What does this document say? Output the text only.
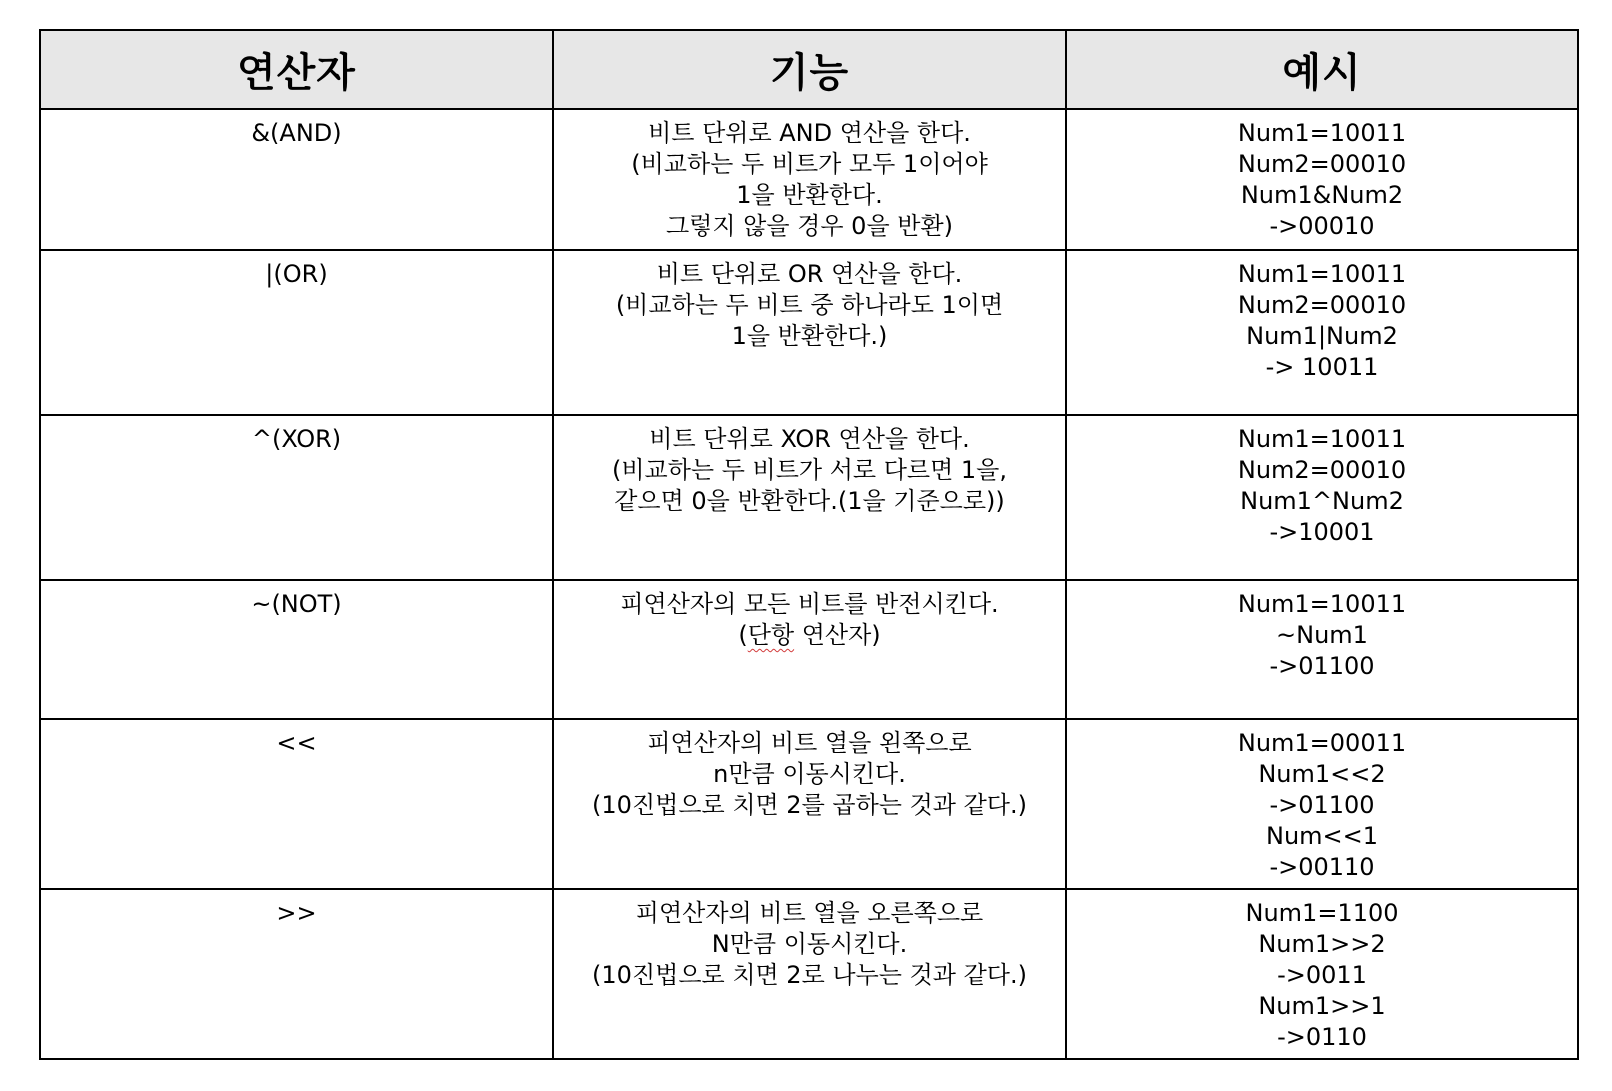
연산자	기능	예시

&(AND)	비트 단위로 AND 연산을 한다.
(비교하는 두 비트가 모두 1이어야
1을 반환한다.
그렇지 않을 경우 0을 반환)	Num1=10011
Num2=00010
Num1&Num2
->00010

|(OR)	비트 단위로 OR 연산을 한다.
(비교하는 두 비트 중 하나라도 1이면
1을 반환한다.)	Num1=10011
Num2=00010
Num1|Num2
-> 10011

^(XOR)	비트 단위로 XOR 연산을 한다.
(비교하는 두 비트가 서로 다르면 1을,
같으면 0을 반환한다.(1을 기준으로))	Num1=10011
Num2=00010
Num1^Num2
->10001

~(NOT)	피연산자의 모든 비트를 반전시킨다.
(단항 연산자)	Num1=10011
~Num1
->01100

<<	피연산자의 비트 열을 왼쪽으로
n만큼 이동시킨다.
(10진법으로 치면 2를 곱하는 것과 같다.)	Num1=00011
Num1<<2
->01100
Num<<1
->00110

>>	피연산자의 비트 열을 오른쪽으로
N만큼 이동시킨다.
(10진법으로 치면 2로 나누는 것과 같다.)	Num1=1100
Num1>>2
->0011
Num1>>1
->0110
